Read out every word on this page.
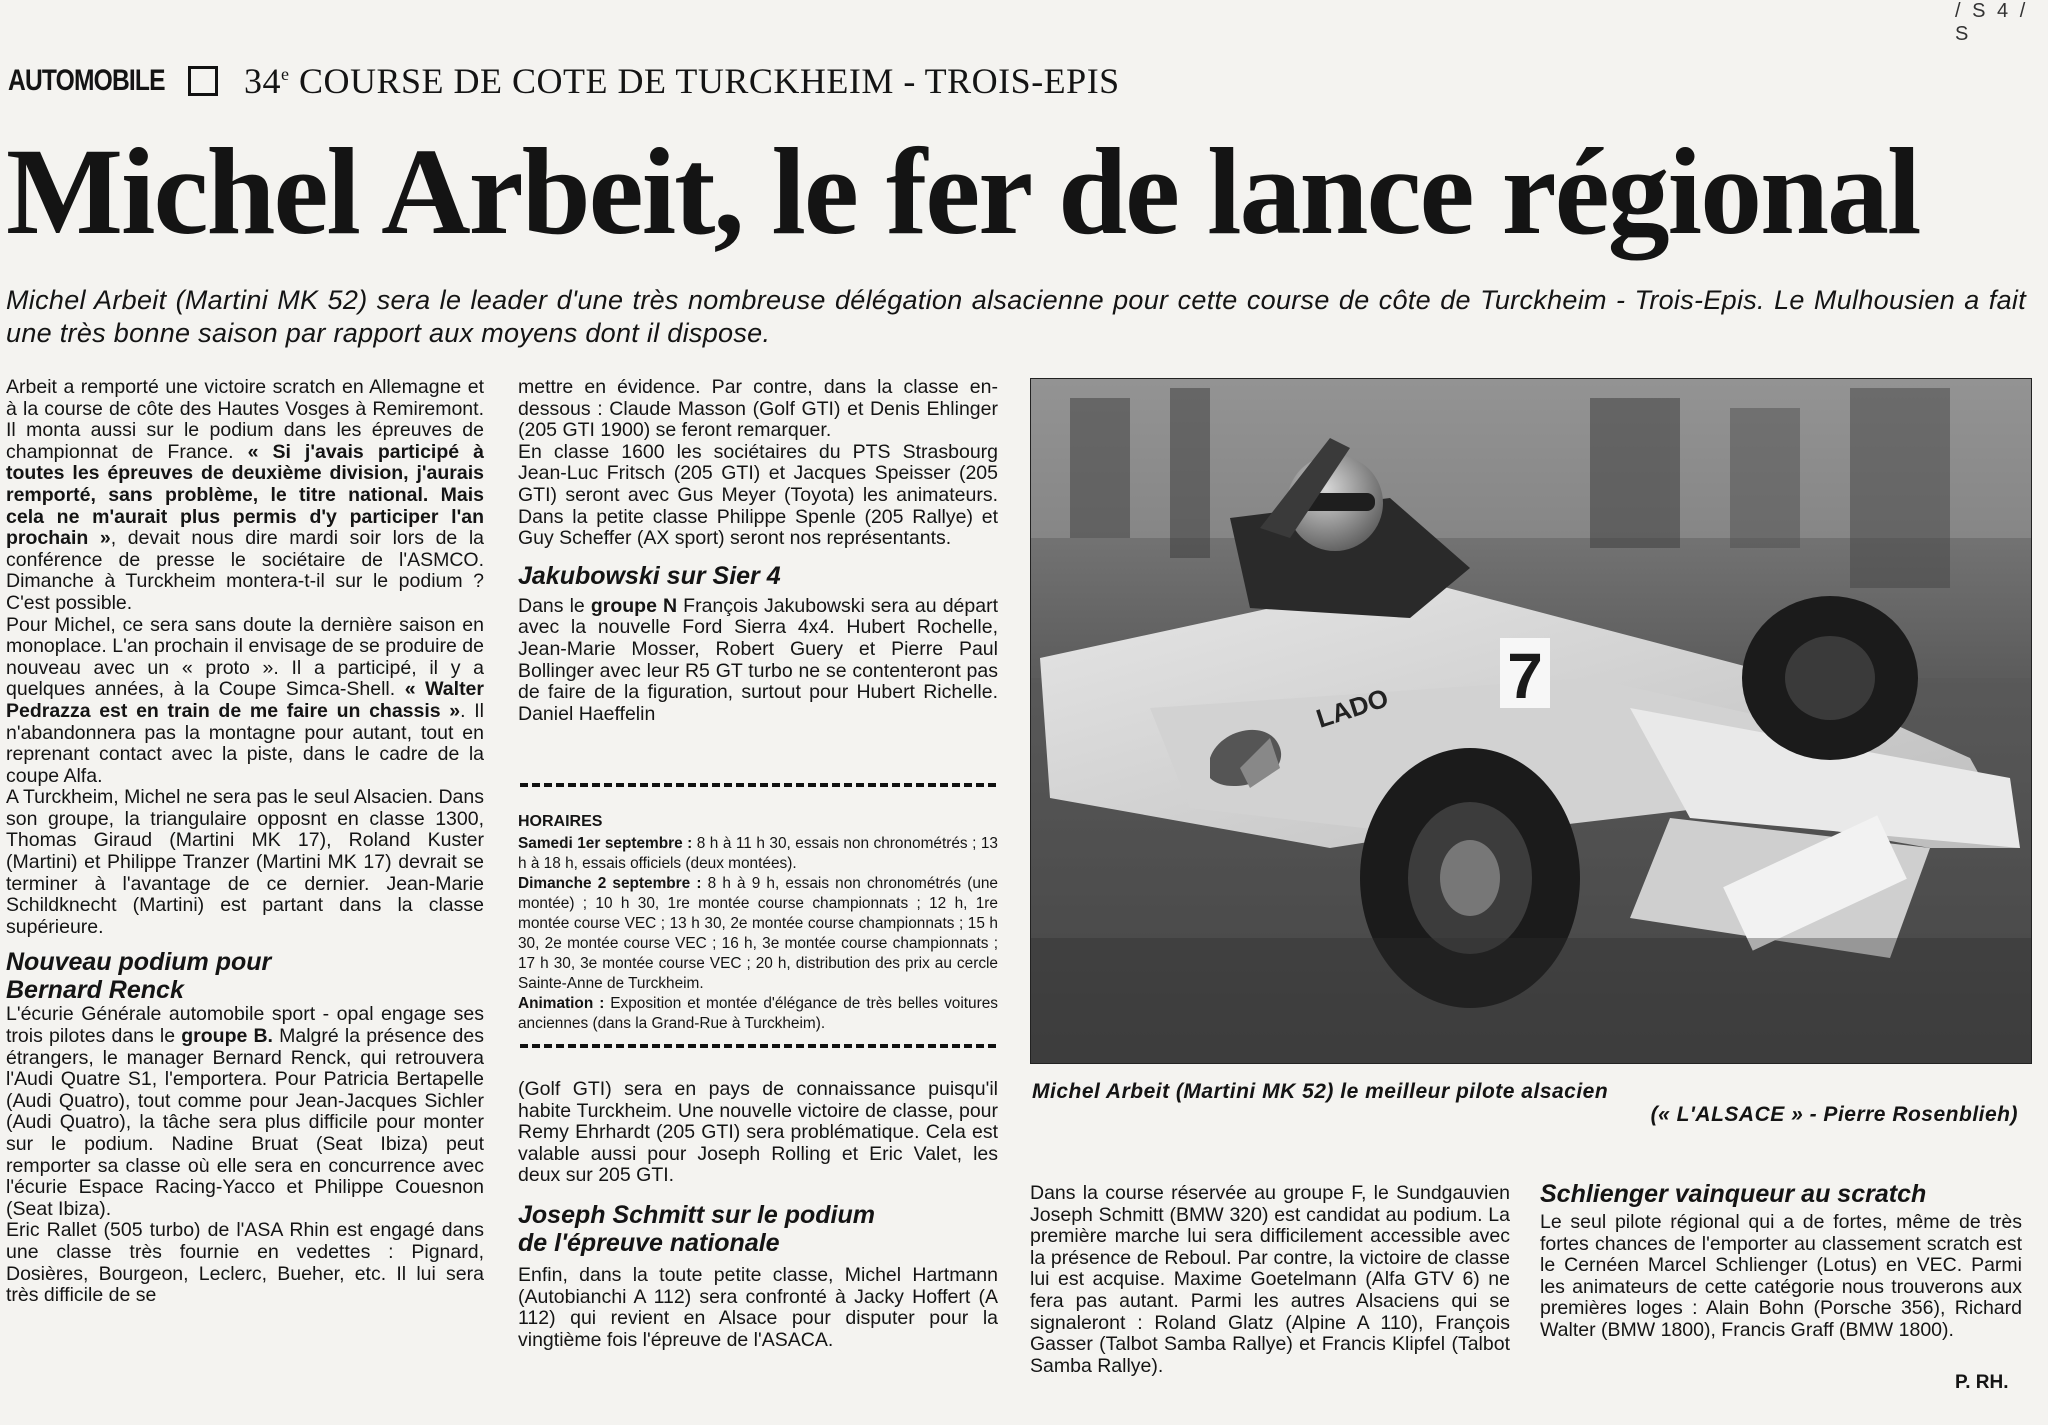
/ S 4 / S
AUTOMOBILE 34e COURSE DE COTE DE TURCKHEIM - TROIS-EPIS
Michel Arbeit, le fer de lance régional
Michel Arbeit (Martini MK 52) sera le leader d'une très nombreuse délégation alsacienne pour cette course de côte de Turckheim - Trois-Epis. Le Mulhousien a fait une très bonne saison par rapport aux moyens dont il dispose.

Arbeit a remporté une victoire scratch en Allemagne et à la course de côte des Hautes Vosges à Remiremont. Il monta aussi sur le podium dans les épreuves de championnat de France. « Si j'avais participé à toutes les épreuves de deuxième division, j'aurais remporté, sans problème, le titre national. Mais cela ne m'aurait plus permis d'y participer l'an prochain », devait nous dire mardi soir lors de la conférence de presse le sociétaire de l'ASMCO. Dimanche à Turckheim montera-t-il sur le podium ? C'est possible.

Pour Michel, ce sera sans doute la dernière saison en monoplace. L'an prochain il envisage de se produire de nouveau avec un « proto ». Il a participé, il y a quelques années, à la Coupe Simca-Shell. « Walter Pedrazza est en train de me faire un chassis ». Il n'abandonnera pas la montagne pour autant, tout en reprenant contact avec la piste, dans le cadre de la coupe Alfa.

A Turckheim, Michel ne sera pas le seul Alsacien. Dans son groupe, la triangulaire opposnt en classe 1300, Thomas Giraud (Martini MK 17), Roland Kuster (Martini) et Philippe Tranzer (Martini MK 17) devrait se terminer à l'avantage de ce dernier. Jean-Marie Schildknecht (Martini) est partant dans la classe supérieure.

Nouveau podium pour
Bernard Renck

L'écurie Générale automobile sport - opal engage ses trois pilotes dans le groupe B. Malgré la présence des étrangers, le manager Bernard Renck, qui retrouvera l'Audi Quatre S1, l'emportera. Pour Patricia Bertapelle (Audi Quatro), tout comme pour Jean-Jacques Sichler (Audi Quatro), la tâche sera plus difficile pour monter sur le podium. Nadine Bruat (Seat Ibiza) peut remporter sa classe où elle sera en concurrence avec l'écurie Espace Racing-Yacco et Philippe Couesnon (Seat Ibiza).

Eric Rallet (505 turbo) de l'ASA Rhin est engagé dans une classe très fournie en vedettes : Pignard, Dosières, Bourgeon, Leclerc, Bueher, etc. Il lui sera très difficile de se

mettre en évidence. Par contre, dans la classe en-dessous : Claude Masson (Golf GTI) et Denis Ehlinger (205 GTI 1900) se feront remarquer.

En classe 1600 les sociétaires du PTS Strasbourg Jean-Luc Fritsch (205 GTI) et Jacques Speisser (205 GTI) seront avec Gus Meyer (Toyota) les animateurs. Dans la petite classe Philippe Spenle (205 Rallye) et Guy Scheffer (AX sport) seront nos représentants.

Jakubowski sur Sier 4

Dans le groupe N François Jakubowski sera au départ avec la nouvelle Ford Sierra 4x4. Hubert Rochelle, Jean-Marie Mosser, Robert Guery et Pierre Paul Bollinger avec leur R5 GT turbo ne se contenteront pas de faire de la figuration, surtout pour Hubert Richelle. Daniel Haeffelin

HORAIRES

Samedi 1er septembre : 8 h à 11 h 30, essais non chronométrés ; 13 h à 18 h, essais officiels (deux montées).

Dimanche 2 septembre : 8 h à 9 h, essais non chronométrés (une montée) ; 10 h 30, 1re montée course championnats ; 12 h, 1re montée course VEC ; 13 h 30, 2e montée course championnats ; 15 h 30, 2e montée course VEC ; 16 h, 3e montée course championnats ; 17 h 30, 3e montée course VEC ; 20 h, distribution des prix au cercle Sainte-Anne de Turckheim.

Animation : Exposition et montée d'élégance de très belles voitures anciennes (dans la Grand-Rue à Turckheim).

(Golf GTI) sera en pays de connaissance puisqu'il habite Turckheim. Une nouvelle victoire de classe, pour Remy Ehrhardt (205 GTI) sera problématique. Cela est valable aussi pour Joseph Rolling et Eric Valet, les deux sur 205 GTI.

Joseph Schmitt sur le podium
de l'épreuve nationale

Enfin, dans la toute petite classe, Michel Hartmann (Autobianchi A 112) sera confronté à Jacky Hoffert (A 112) qui revient en Alsace pour disputer pour la vingtième fois l'épreuve de l'ASACA.

7
LADO
Michel Arbeit (Martini MK 52) le meilleur pilote alsacien
(« L'ALSACE » - Pierre Rosenblieh)

Dans la course réservée au groupe F, le Sundgauvien Joseph Schmitt (BMW 320) est candidat au podium. La première marche lui sera difficilement accessible avec la présence de Reboul. Par contre, la victoire de classe lui est acquise. Maxime Goetelmann (Alfa GTV 6) ne fera pas autant. Parmi les autres Alsaciens qui se signaleront : Roland Glatz (Alpine A 110), François Gasser (Talbot Samba Rallye) et Francis Klipfel (Talbot Samba Rallye).

Schlienger vainqueur au scratch

Le seul pilote régional qui a de fortes, même de très fortes chances de l'emporter au classement scratch est le Cernéen Marcel Schlienger (Lotus) en VEC. Parmi les animateurs de cette catégorie nous trouverons aux premières loges : Alain Bohn (Porsche 356), Richard Walter (BMW 1800), Francis Graff (BMW 1800).

P. RH.
